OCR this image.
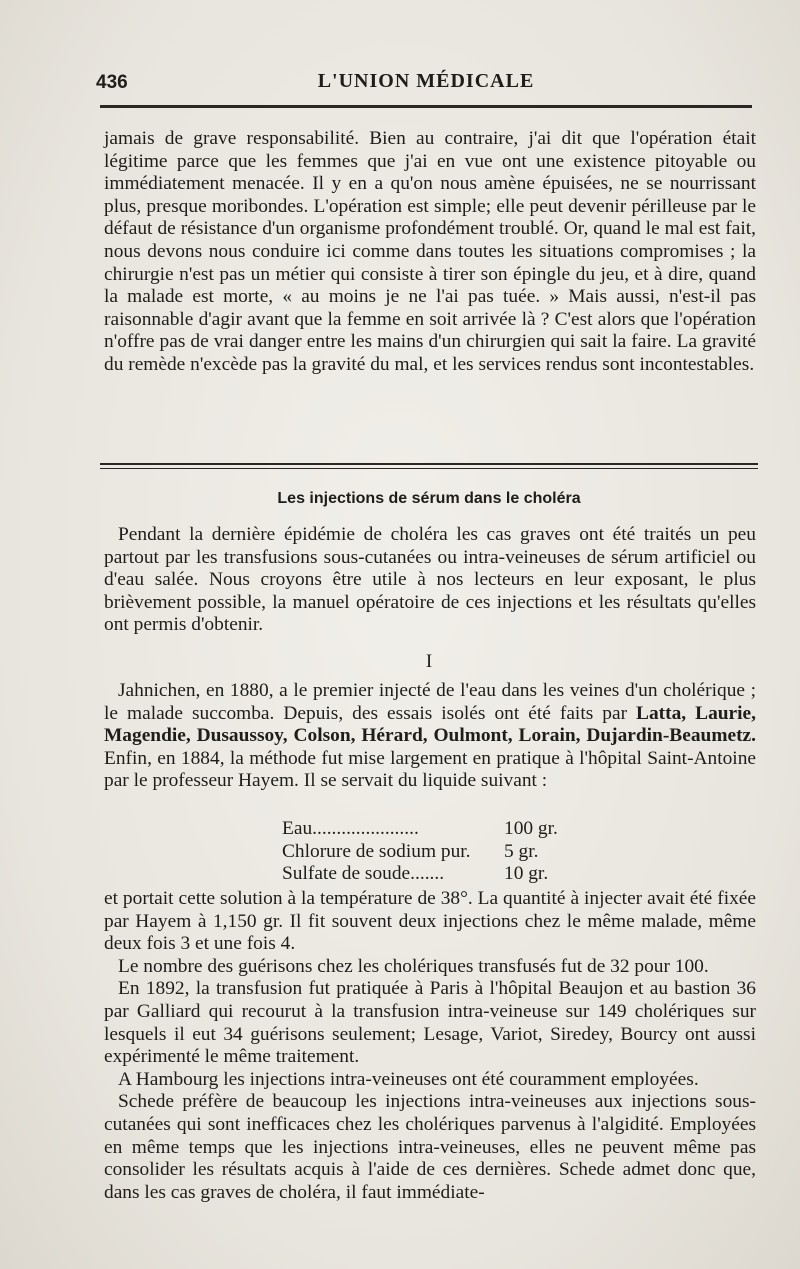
436	L'UNION MÉDICALE

jamais de grave responsabilité. Bien au contraire, j'ai dit que l'opération était légitime parce que les femmes que j'ai en vue ont une existence pitoyable ou immédiatement menacée. Il y en a qu'on nous amène épuisées, ne se nourrissant plus, presque moribondes. L'opération est simple; elle peut devenir périlleuse par le défaut de résistance d'un organisme profondément troublé. Or, quand le mal est fait, nous devons nous conduire ici comme dans toutes les situations compromises ; la chirurgie n'est pas un métier qui consiste à tirer son épingle du jeu, et à dire, quand la malade est morte, « au moins je ne l'ai pas tuée. » Mais aussi, n'est-il pas raisonnable d'agir avant que la femme en soit arrivée là ? C'est alors que l'opération n'offre pas de vrai danger entre les mains d'un chirurgien qui sait la faire. La gravité du remède n'excède pas la gravité du mal, et les services rendus sont incontestables.

Les injections de sérum dans le choléra

Pendant la dernière épidémie de choléra les cas graves ont été traités un peu partout par les transfusions sous-cutanées ou intra-veineuses de sérum artificiel ou d'eau salée. Nous croyons être utile à nos lecteurs en leur exposant, le plus brièvement possible, la manuel opératoire de ces injections et les résultats qu'elles ont permis d'obtenir.

I

Jahnichen, en 1880, a le premier injecté de l'eau dans les veines d'un cholérique ; le malade succomba. Depuis, des essais isolés ont été faits par Latta, Laurie, Magendie, Dusaussoy, Colson, Hérard, Oulmont, Lorain, Dujardin-Beaumetz. Enfin, en 1884, la méthode fut mise largement en pratique à l'hôpital Saint-Antoine par le professeur Hayem. Il se servait du liquide suivant :

Eau......................	100 gr.
Chlorure de sodium pur. 5 gr.
Sulfate de soude.......	10 gr.

et portait cette solution à la température de 38°. La quantité à injecter avait été fixée par Hayem à 1,150 gr. Il fit souvent deux injections chez le même malade, même deux fois 3 et une fois 4.

Le nombre des guérisons chez les cholériques transfusés fut de 32 pour 100.

En 1892, la transfusion fut pratiquée à Paris à l'hôpital Beaujon et au bastion 36 par Galliard qui recourut à la transfusion intra-veineuse sur 149 cholériques sur lesquels il eut 34 guérisons seulement; Lesage, Variot, Siredey, Bourcy ont aussi expérimenté le même traitement.

A Hambourg les injections intra-veineuses ont été couramment employées.

Schede préfère de beaucoup les injections intra-veineuses aux injections sous-cutanées qui sont inefficaces chez les cholériques parvenus à l'algidité. Employées en même temps que les injections intra-veineuses, elles ne peuvent même pas consolider les résultats acquis à l'aide de ces dernières. Schede admet donc que, dans les cas graves de choléra, il faut immédiate-
